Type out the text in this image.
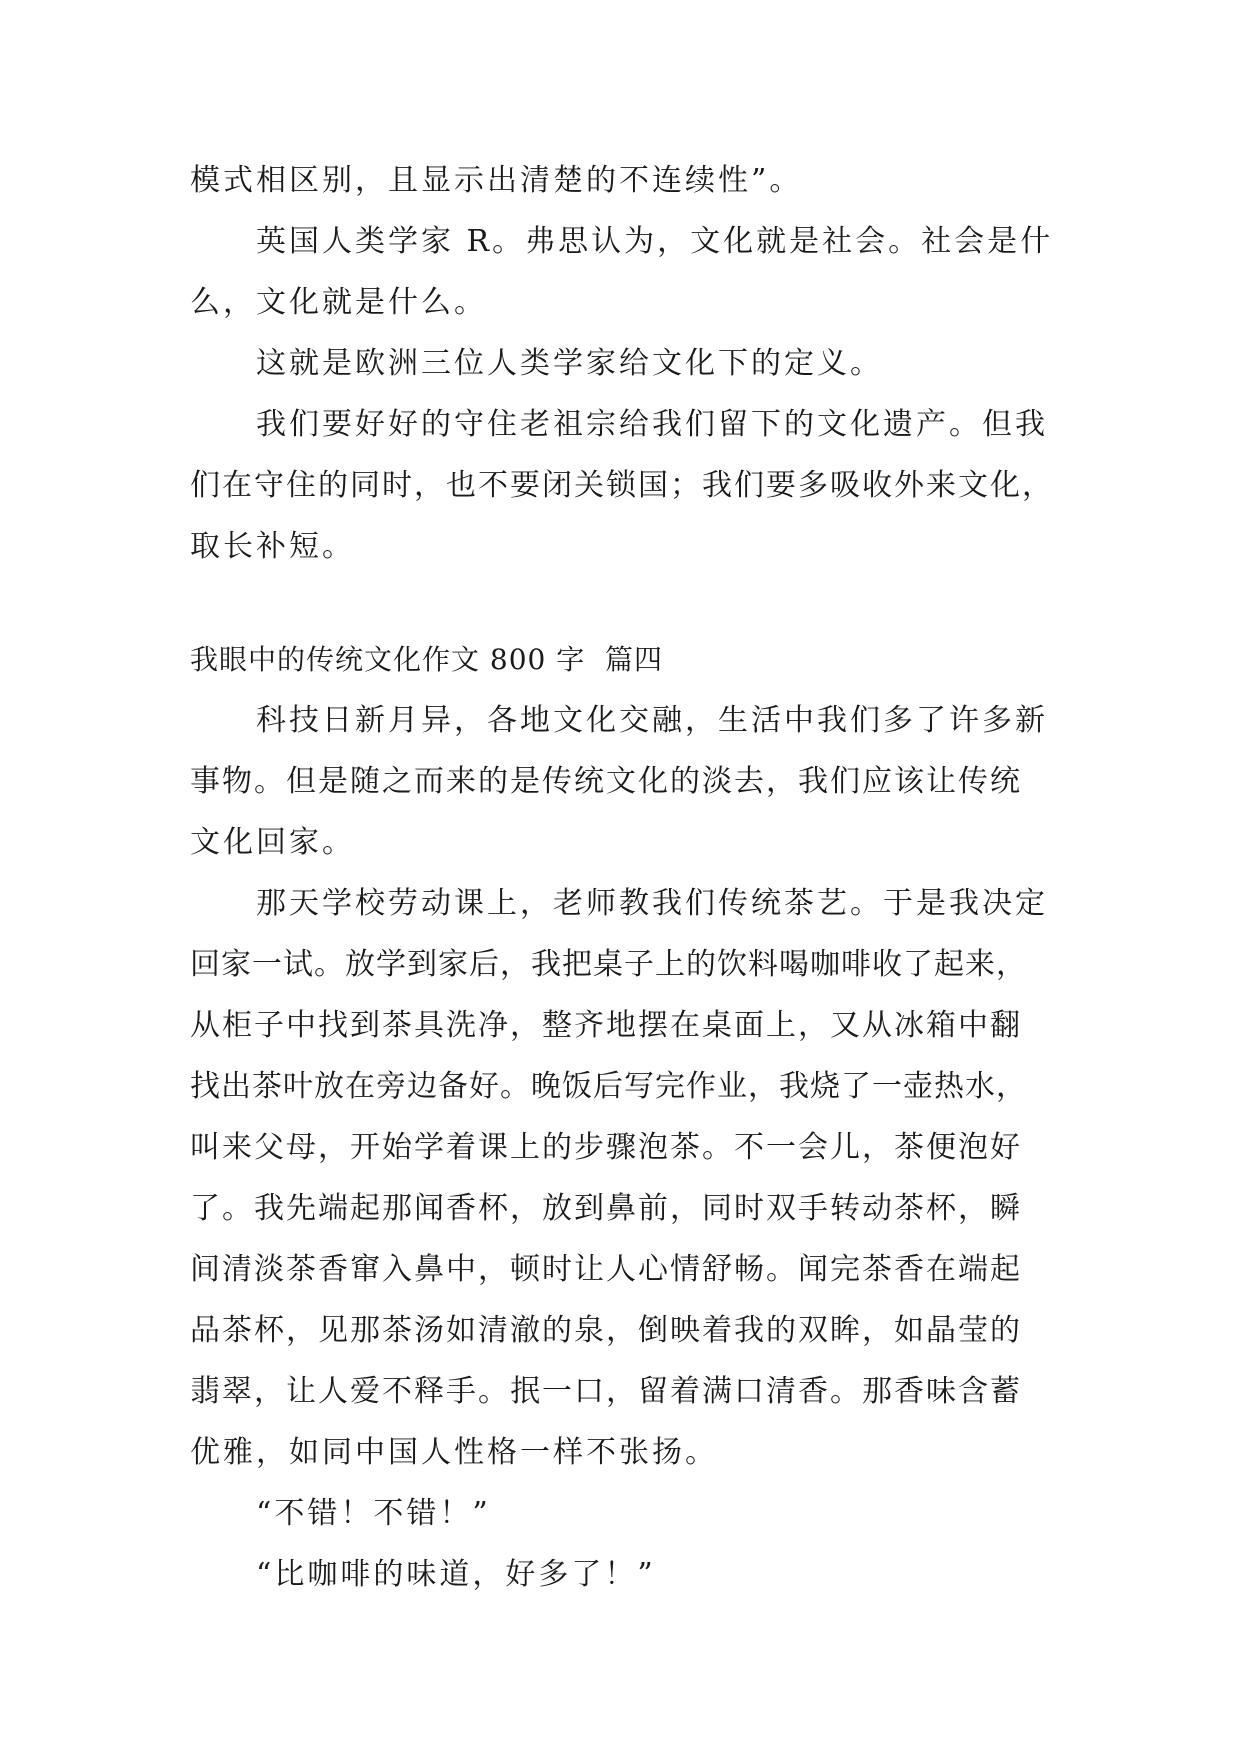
模式相区别，且显示出清楚的不连续性”。
英国人类学家 R。弗思认为，文化就是社会。社会是什
么，文化就是什么。
这就是欧洲三位人类学家给文化下的定义。
我们要好好的守住老祖宗给我们留下的文化遗产。但我
们在守住的同时，也不要闭关锁国；我们要多吸收外来文化，
取长补短。
我眼中的传统文化作文 800 字  篇四
科技日新月异，各地文化交融，生活中我们多了许多新
事物。但是随之而来的是传统文化的淡去，我们应该让传统
文化回家。
那天学校劳动课上，老师教我们传统茶艺。于是我决定
回家一试。放学到家后，我把桌子上的饮料喝咖啡收了起来，
从柜子中找到茶具洗净，整齐地摆在桌面上，又从冰箱中翻
找出茶叶放在旁边备好。晚饭后写完作业，我烧了一壶热水，
叫来父母，开始学着课上的步骤泡茶。不一会儿，茶便泡好
了。我先端起那闻香杯，放到鼻前，同时双手转动茶杯，瞬
间清淡茶香窜入鼻中，顿时让人心情舒畅。闻完茶香在端起
品茶杯，见那茶汤如清澈的泉，倒映着我的双眸，如晶莹的
翡翠，让人爱不释手。抿一口，留着满口清香。那香味含蓄
优雅，如同中国人性格一样不张扬。
“不错！不错！”
“比咖啡的味道，好多了！”
